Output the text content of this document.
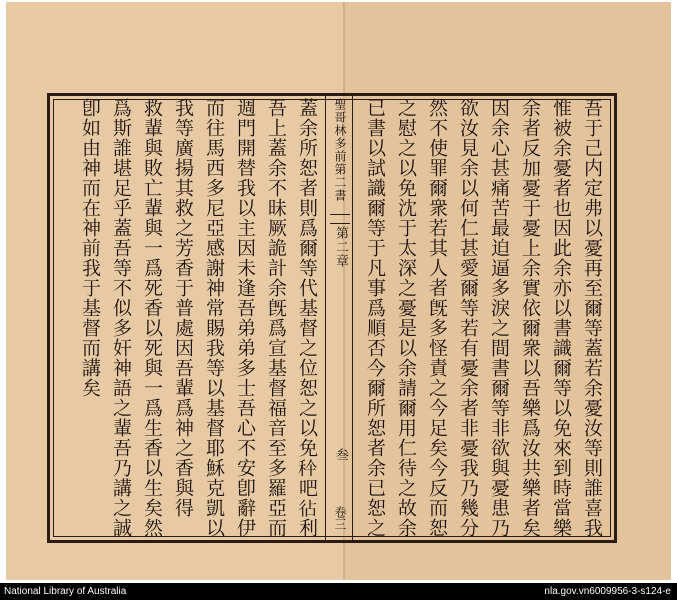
吾于己内定弗以憂再至爾等蓋若余憂汝等則誰喜我
惟被余憂者也因此余亦以書識爾等以免來到時當樂
余者反加憂于憂上余實依爾衆以吾樂爲汝共樂者矣
因余心甚痛苦最迫逼多淚之間書爾等非欲與憂患乃
欲汝見余以何仁甚愛爾等若有憂余者非憂我乃幾分
然不使罪爾衆若其人者旣多怪責之今足矣今反而恕
之慰之以免沈于太深之憂是以余請爾用仁待之故余
已書以試識爾等于凡事爲順否今爾所恕者余已恕之
聖哥林多前第二書
第二章
叁
卷三
蓋余所恕者則爲爾等代基督之位恕之以免𥝺吧𢓕利
吾上蓋余不昧厥詭計余旣爲宣基督福音至多羅亞而
週門開替我以主因未逢吾弟弟多士吾心不安卽辭伊
而往馬西多尼亞感謝神常賜我等以基督耶穌克凱以
我等廣揚其救之芳香于普處因吾輩爲神之香與得
救輩與敗亡輩與一爲死香以死與一爲生香以生矣然
爲斯誰堪足乎蓋吾等不似多奸神語之輩吾乃講之誠
卽如由神而在神前我于基督而講矣
National Library of Australia	nla.gov.vn6009956-3-s124-e
